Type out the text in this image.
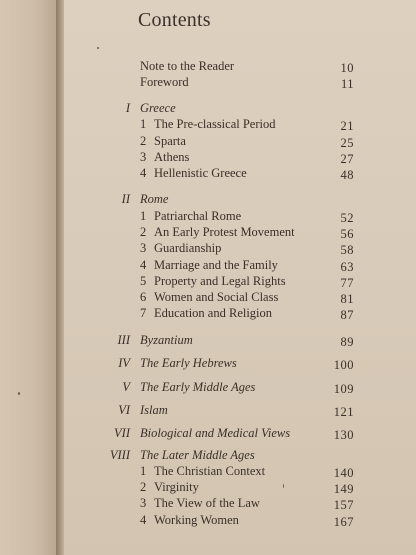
Contents
Note to the Reader	10
Foreword	11
I Greece
1 The Pre-classical Period	21
2 Sparta	25
3 Athens	27
4 Hellenistic Greece	48
II Rome
1 Patriarchal Rome	52
2 An Early Protest Movement	56
3 Guardianship	58
4 Marriage and the Family	63
5 Property and Legal Rights	77
6 Women and Social Class	81
7 Education and Religion	87
III Byzantium	89
IV The Early Hebrews	100
V The Early Middle Ages	109
VI Islam	121
VII Biological and Medical Views	130
VIII The Later Middle Ages
1 The Christian Context	140
2 Virginity	149
3 The View of the Law	157
4 Working Women	167
